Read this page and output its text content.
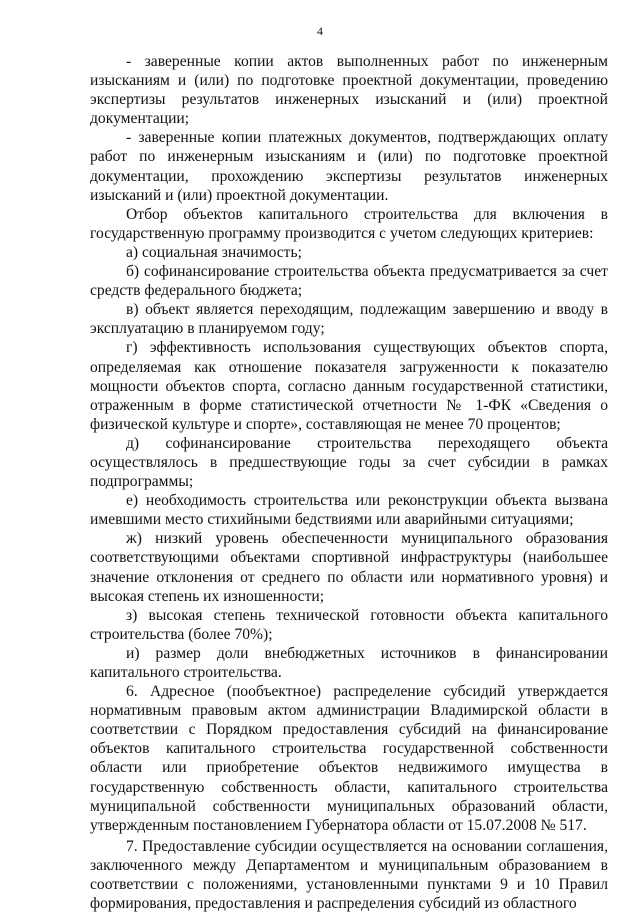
4

- заверенные копии актов выполненных работ по инженерным изысканиям и (или) по подготовке проектной документации, проведению экспертизы результатов инженерных изысканий и (или) проектной документации;

- заверенные копии платежных документов, подтверждающих оплату работ по инженерным изысканиям и (или) по подготовке проектной документации, прохождению экспертизы результатов инженерных изысканий и (или) проектной документации.

Отбор объектов капитального строительства для включения в государственную программу производится с учетом следующих критериев:

а) социальная значимость;

б) софинансирование строительства объекта предусматривается за счет средств федерального бюджета;

в) объект является переходящим, подлежащим завершению и вводу в эксплуатацию в планируемом году;

г) эффективность использования существующих объектов спорта, определяемая как отношение показателя загруженности к показателю мощности объектов спорта, согласно данным государственной статистики, отраженным в форме статистической отчетности № 1-ФК «Сведения о физической культуре и спорте», составляющая не менее 70 процентов;

д) софинансирование строительства переходящего объекта осуществлялось в предшествующие годы за счет субсидии в рамках подпрограммы;

е) необходимость строительства или реконструкции объекта вызвана имевшими место стихийными бедствиями или аварийными ситуациями;

ж) низкий уровень обеспеченности муниципального образования соответствующими объектами спортивной инфраструктуры (наибольшее значение отклонения от среднего по области или нормативного уровня) и высокая степень их изношенности;

з) высокая степень технической готовности объекта капитального строительства (более 70%);

и) размер доли внебюджетных источников в финансировании капитального строительства.

6. Адресное (пообъектное) распределение субсидий утверждается нормативным правовым актом администрации Владимирской области в соответствии с Порядком предоставления субсидий на финансирование объектов капитального строительства государственной собственности области или приобретение объектов недвижимого имущества в государственную собственность области, капитального строительства муниципальной собственности муниципальных образований области, утвержденным постановлением Губернатора области от 15.07.2008 № 517.

7. Предоставление субсидии осуществляется на основании соглашения, заключенного между Департаментом и муниципальным образованием в соответствии с положениями, установленными пунктами 9 и 10 Правил формирования, предоставления и распределения субсидий из областного
